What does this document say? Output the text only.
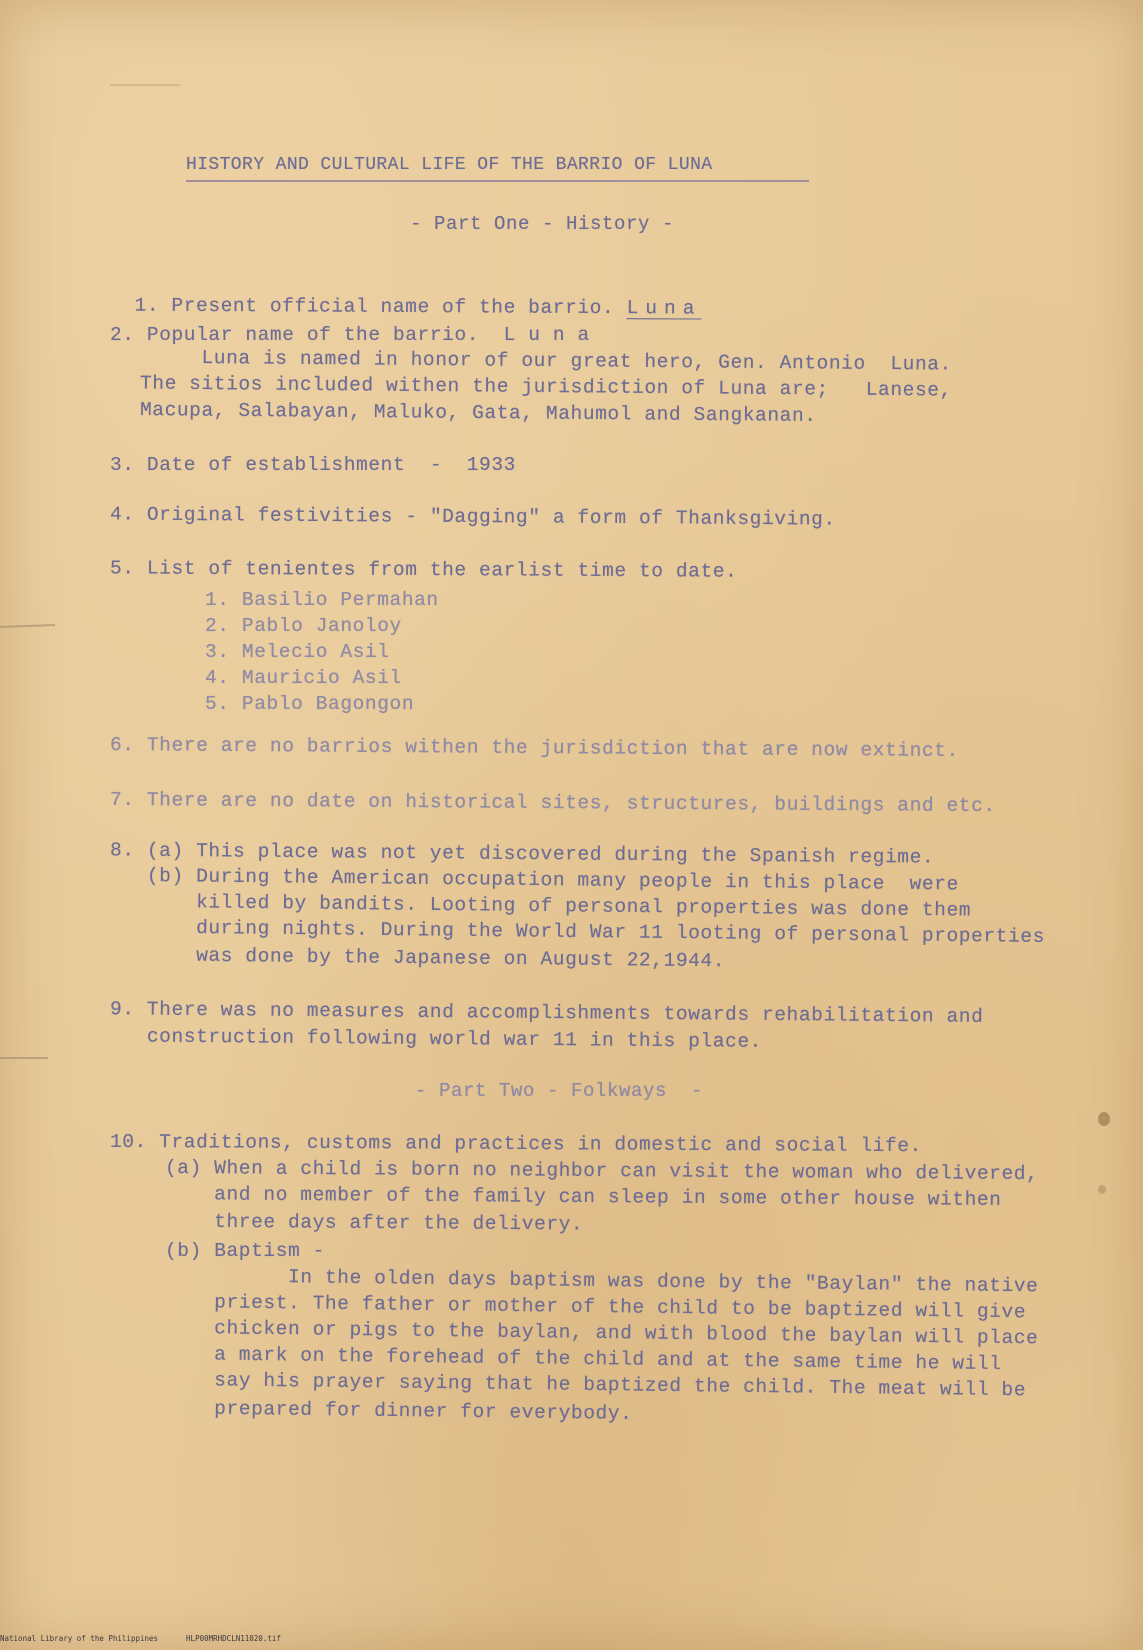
HISTORY AND CULTURAL LIFE OF THE BARRIO OF LUNA
- Part One - History -

1. Present official name of the barrio. Luna

2. Popular name of the barrio.  L u n a
Luna is named in honor of our great hero, Gen. Antonio  Luna.
The sitios included withen the jurisdiction of Luna are;   Lanese,
Macupa, Salabayan, Maluko, Gata, Mahumol and Sangkanan.
3. Date of establishment  -  1933
4. Original festivities - "Dagging" a form of Thanksgiving.
5. List of tenientes from the earlist time to date.
1. Basilio Permahan
2. Pablo Janoloy
3. Melecio Asil
4. Mauricio Asil
5. Pablo Bagongon
6. There are no barrios withen the jurisdiction that are now extinct.
7. There are no date on historical sites, structures, buildings and etc.
8. (a) This place was not yet discovered during the Spanish regime.
(b) During the American occupation many people in this place  were
killed by bandits. Looting of personal properties was done them
during nights. During the World War 11 looting of personal properties
was done by the Japanese on August 22,1944.
9. There was no measures and accomplishments towards rehabilitation and
construction following world war 11 in this place.
- Part Two - Folkways  -
10. Traditions, customs and practices in domestic and social life.
(a) When a child is born no neighbor can visit the woman who delivered,
and no member of the family can sleep in some other house withen
three days after the delivery.
(b) Baptism -
In the olden days baptism was done by the "Baylan" the native
priest. The father or mother of the child to be baptized will give
chicken or pigs to the baylan, and with blood the baylan will place
a mark on the forehead of the child and at the same time he will
say his prayer saying that he baptized the child. The meat will be
prepared for dinner for everybody.
National Library of the Philippines	HLP00MRHDCLN11020.tif
